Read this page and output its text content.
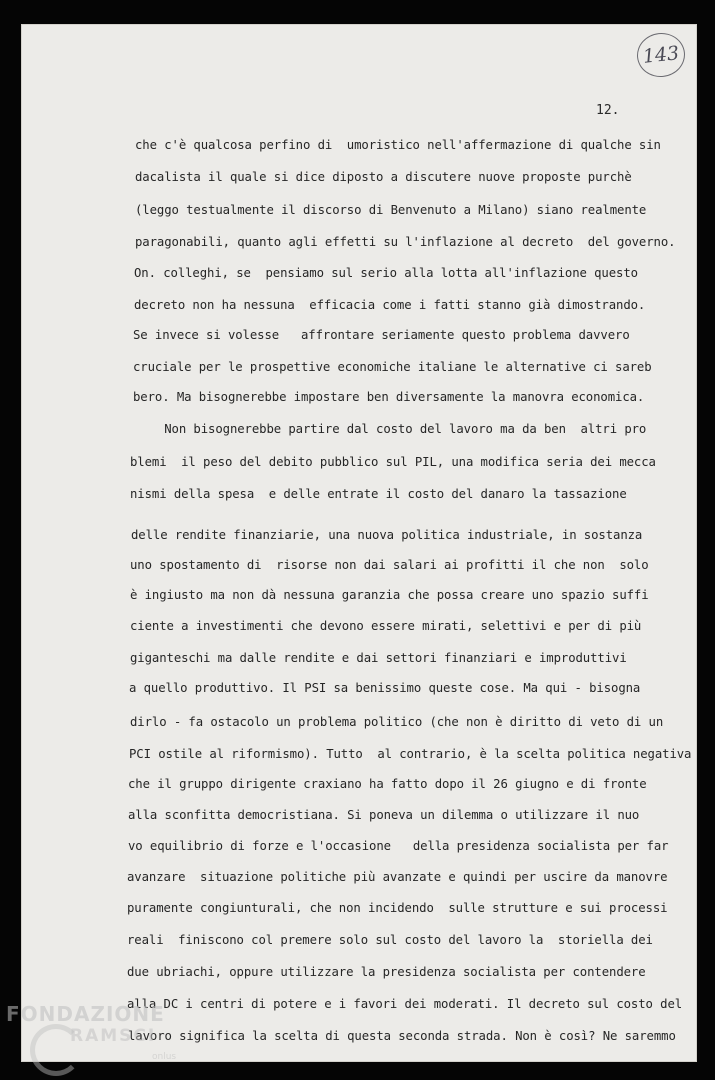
143
12.
che c'è qualcosa perfino di  umoristico nell'affermazione di qualche sin
dacalista il quale si dice diposto a discutere nuove proposte purchè
(leggo testualmente il discorso di Benvenuto a Milano) siano realmente
paragonabili, quanto agli effetti su l'inflazione al decreto  del governo.
On. colleghi, se  pensiamo sul serio alla lotta all'inflazione questo
decreto non ha nessuna  efficacia come i fatti stanno già dimostrando.
Se invece si volesse   affrontare seriamente questo problema davvero
cruciale per le prospettive economiche italiane le alternative ci sareb
bero. Ma bisognerebbe impostare ben diversamente la manovra economica.
Non bisognerebbe partire dal costo del lavoro ma da ben  altri pro
blemi  il peso del debito pubblico sul PIL, una modifica seria dei mecca
nismi della spesa  e delle entrate il costo del danaro la tassazione
delle rendite finanziarie, una nuova politica industriale, in sostanza
uno spostamento di  risorse non dai salari ai profitti il che non  solo
è ingiusto ma non dà nessuna garanzia che possa creare uno spazio suffi
ciente a investimenti che devono essere mirati, selettivi e per di più
giganteschi ma dalle rendite e dai settori finanziari e improduttivi
a quello produttivo. Il PSI sa benissimo queste cose. Ma qui - bisogna
dirlo - fa ostacolo un problema politico (che non è diritto di veto di un
PCI ostile al riformismo). Tutto  al contrario, è la scelta politica negativa
che il gruppo dirigente craxiano ha fatto dopo il 26 giugno e di fronte
alla sconfitta democristiana. Si poneva un dilemma o utilizzare il nuo
vo equilibrio di forze e l'occasione   della presidenza socialista per far
avanzare  situazione politiche più avanzate e quindi per uscire da manovre
puramente congiunturali, che non incidendo  sulle strutture e sui processi
reali  finiscono col premere solo sul costo del lavoro la  storiella dei
due ubriachi, oppure utilizzare la presidenza socialista per contendere
alla DC i centri di potere e i favori dei moderati. Il decreto sul costo del
lavoro significa la scelta di questa seconda strada. Non è così? Ne saremmo
FONDAZIONE
RAMSCI
onlus
